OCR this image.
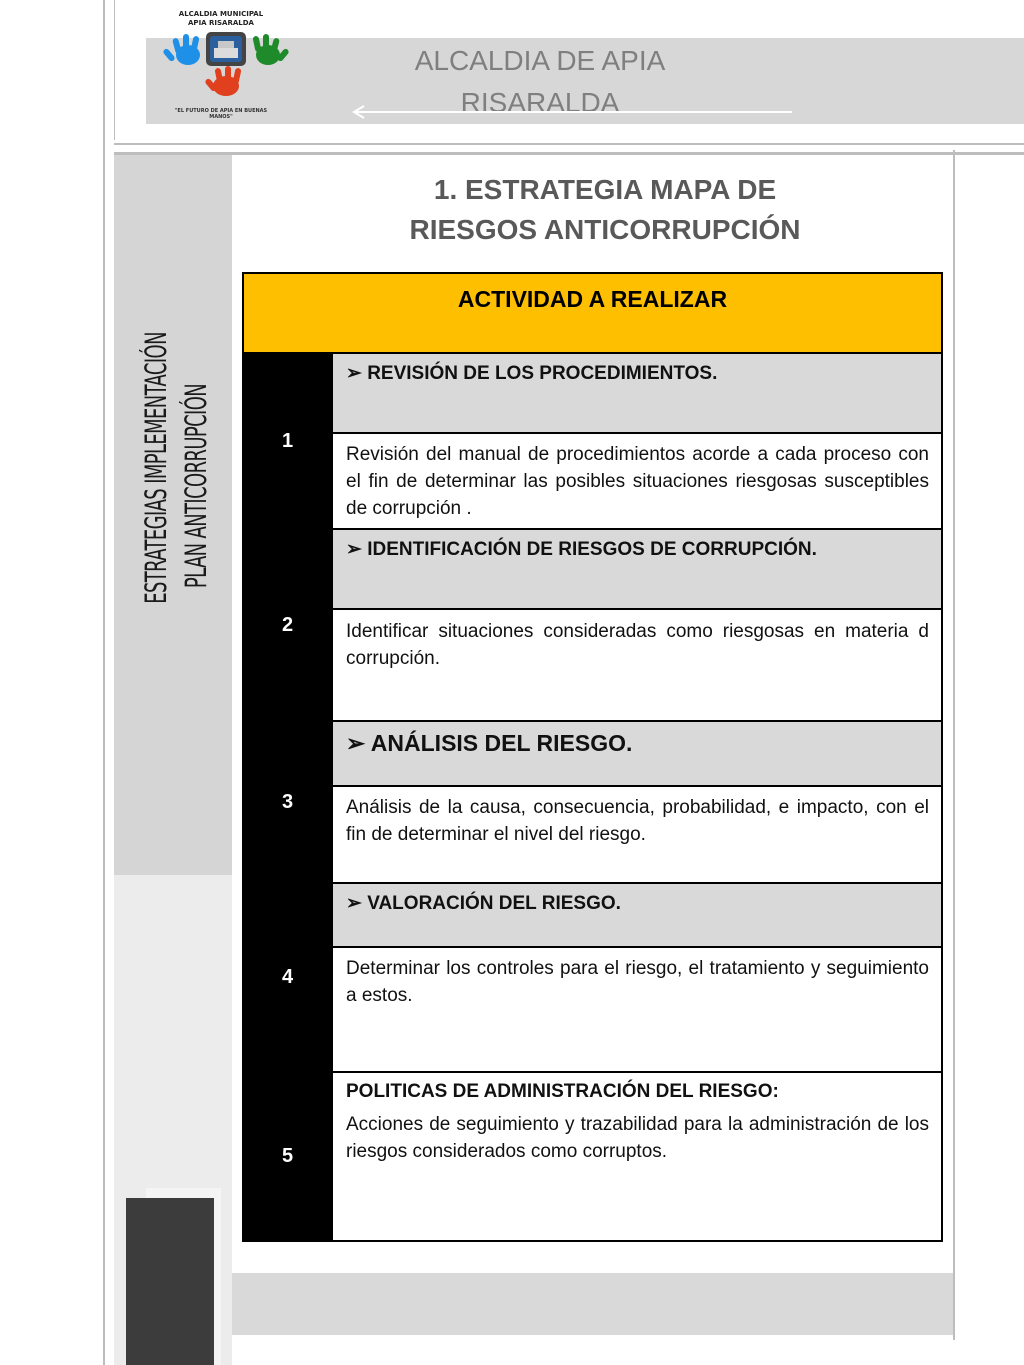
ALCALDIA MUNICIPAL
APIA RISARALDA
"EL FUTURO DE APIA EN BUENAS MANOS"
ALCALDIA DE APIA
RISARALDA
ESTRATEGIAS IMPLEMENTACIÓN PLAN ANTICORRUPCIÓN
1. ESTRATEGIA MAPA DE
RIESGOS ANTICORRUPCIÓN
ACTIVIDAD A REALIZAR
1
➢ REVISIÓN DE LOS PROCEDIMIENTOS.
Revisión del manual de procedimientos acorde a cada proceso con el fin de determinar las posibles situaciones riesgosas susceptibles de corrupción .
2
➢ IDENTIFICACIÓN DE RIESGOS DE CORRUPCIÓN.
Identificar situaciones consideradas como riesgosas en materia d corrupción.
3
➢ ANÁLISIS DEL RIESGO.
Análisis de la causa, consecuencia, probabilidad, e impacto, con el fin de determinar el nivel del riesgo.
4
➢ VALORACIÓN DEL RIESGO.
Determinar los controles para el riesgo, el tratamiento y seguimiento a estos.
5
POLITICAS DE ADMINISTRACIÓN DEL RIESGO:
Acciones de seguimiento y trazabilidad para la administración de los riesgos considerados como corruptos.
